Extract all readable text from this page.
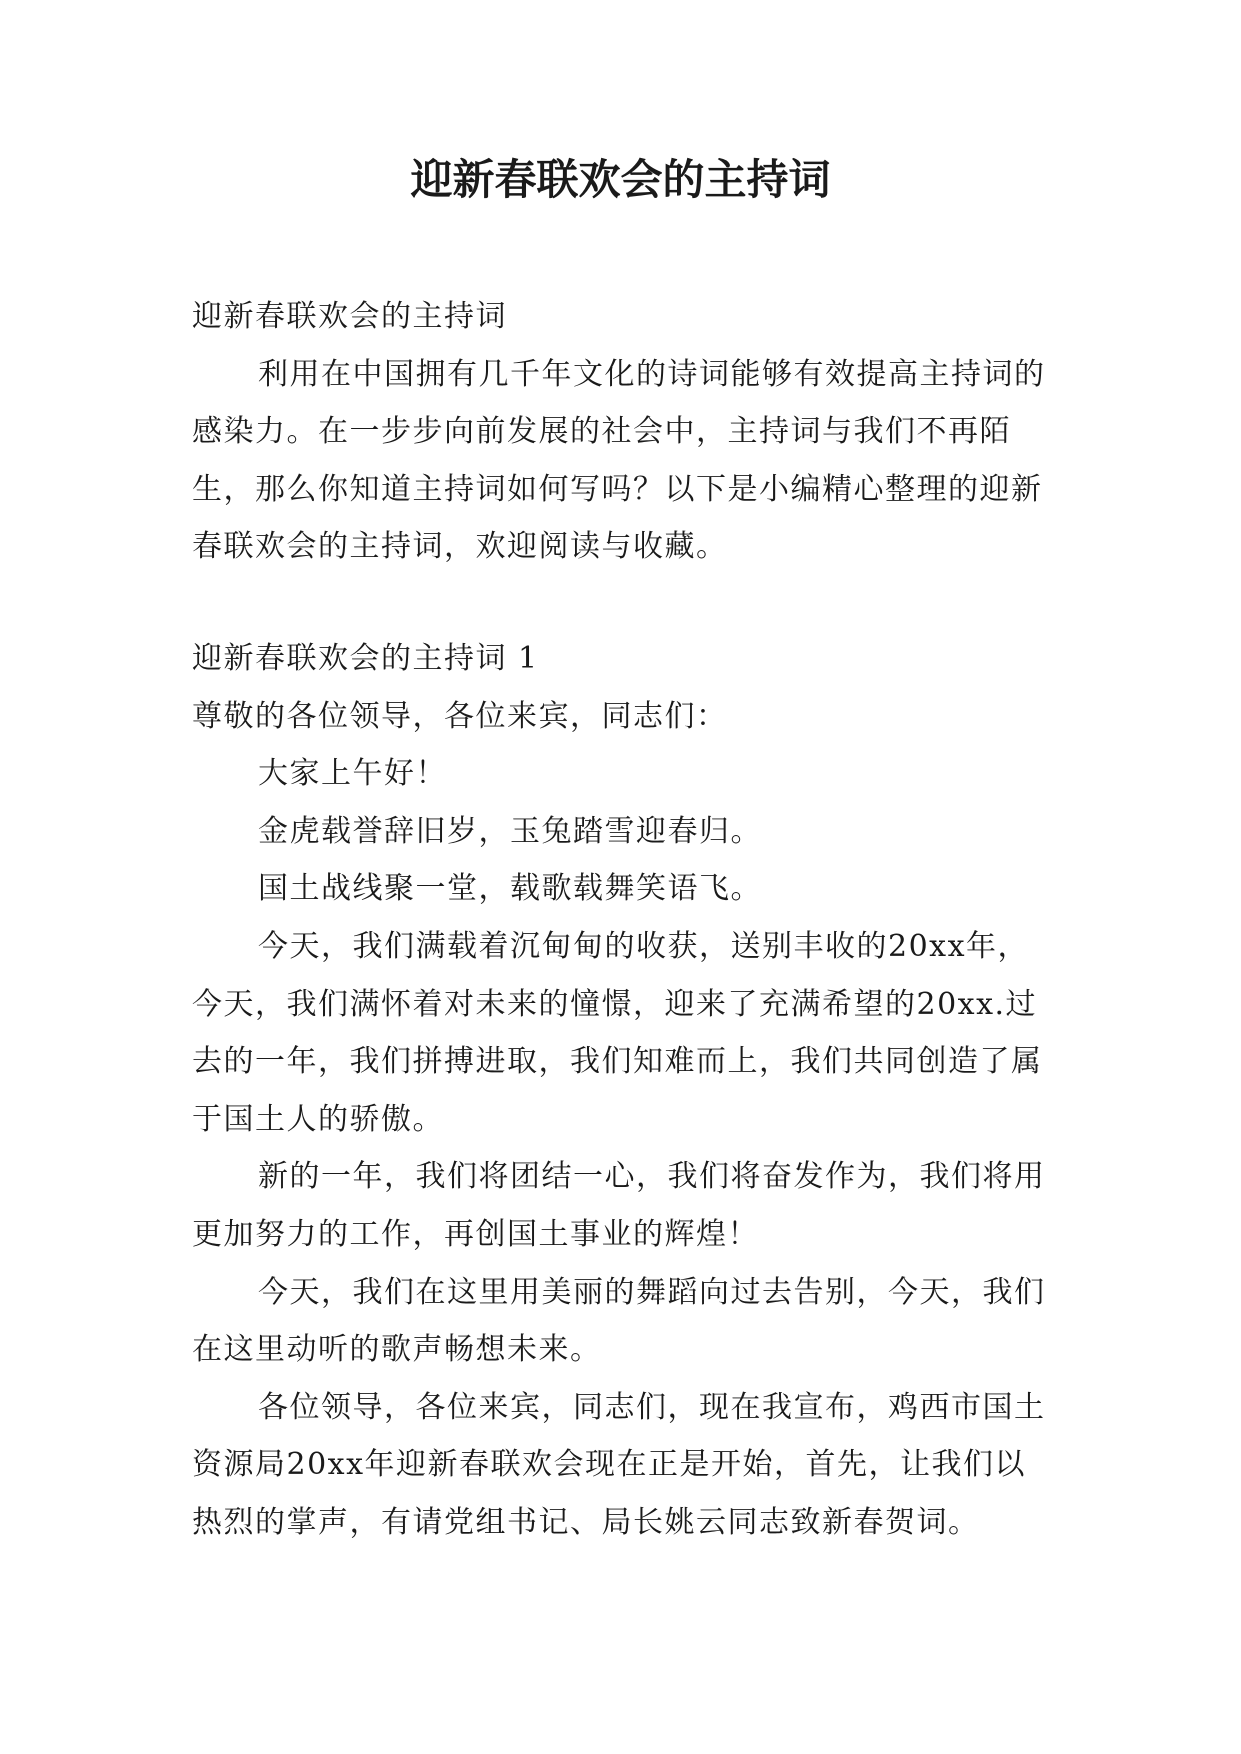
迎新春联欢会的主持词

迎新春联欢会的主持词

利用在中国拥有几千年文化的诗词能够有效提高主持词的感染力。在一步步向前发展的社会中，主持词与我们不再陌生，那么你知道主持词如何写吗？以下是小编精心整理的迎新春联欢会的主持词，欢迎阅读与收藏。

迎新春联欢会的主持词 1

尊敬的各位领导，各位来宾，同志们：

大家上午好！

金虎载誉辞旧岁，玉兔踏雪迎春归。

国土战线聚一堂，载歌载舞笑语飞。

今天，我们满载着沉甸甸的收获，送别丰收的20xx年，今天，我们满怀着对未来的憧憬，迎来了充满希望的20xx.过去的一年，我们拼搏进取，我们知难而上，我们共同创造了属于国土人的骄傲。

新的一年，我们将团结一心，我们将奋发作为，我们将用更加努力的工作，再创国土事业的辉煌！

今天，我们在这里用美丽的舞蹈向过去告别，今天，我们在这里动听的歌声畅想未来。

各位领导，各位来宾，同志们，现在我宣布，鸡西市国土资源局20xx年迎新春联欢会现在正是开始，首先，让我们以热烈的掌声，有请党组书记、局长姚云同志致新春贺词。
